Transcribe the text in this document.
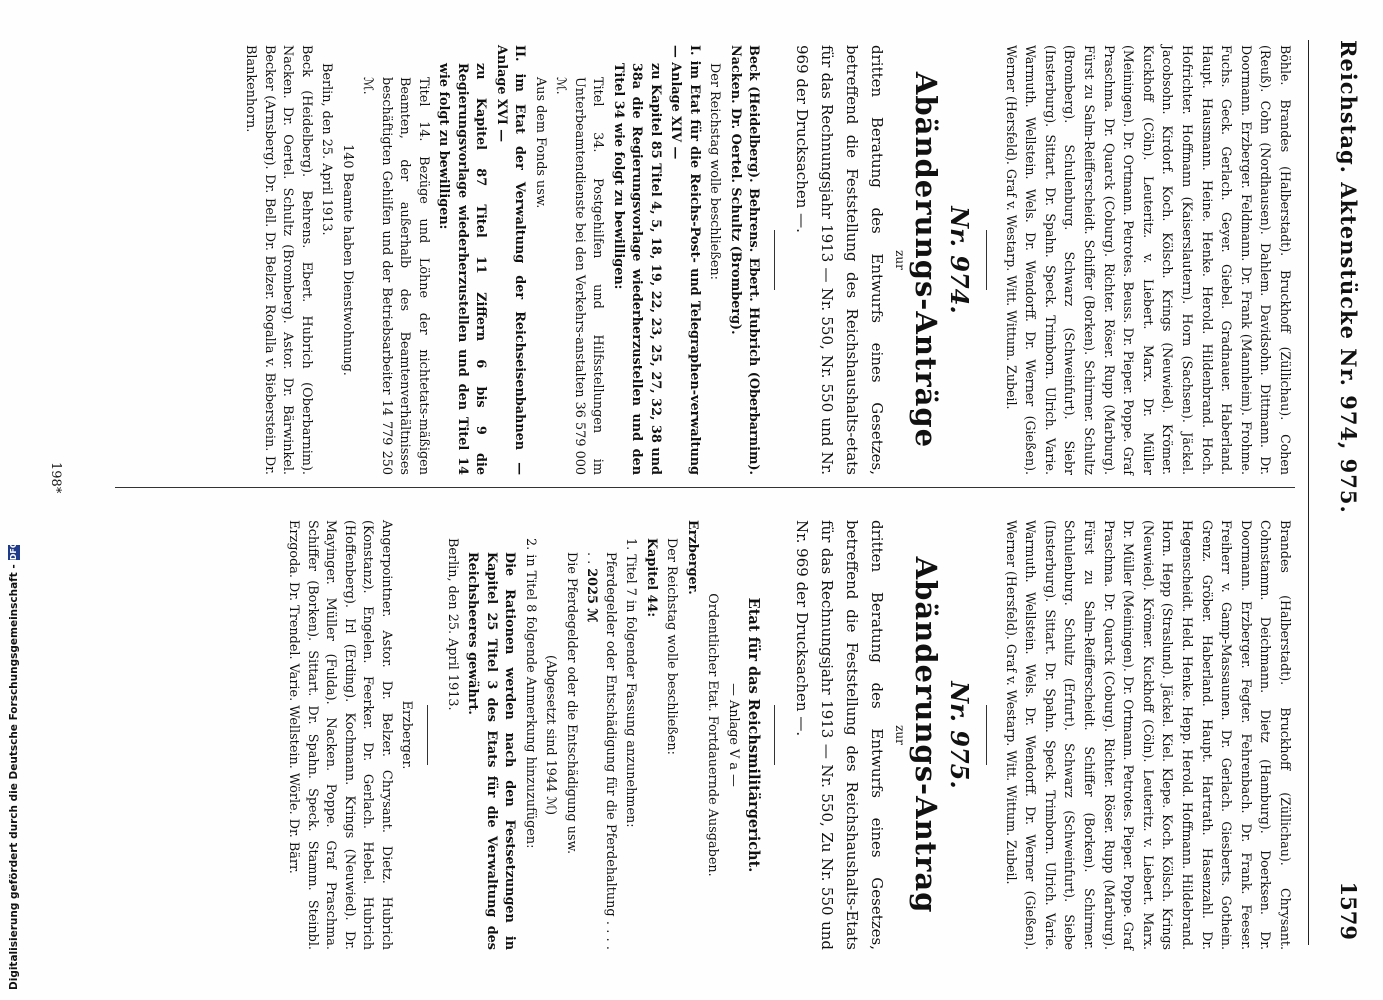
Reichstag. Aktenstücke Nr. 974, 975.
1579

Böhle. Brandes (Halberstadt). Bruckhoff (Züllichau). Cohen (Reuß). Cohn (Nordhausen). Dahlem. Davidsohn. Dittmann. Dr. Doormann. Erzberger. Feldmann. Dr. Frank (Mannheim). Frohme. Fuchs. Geck. Gerlach. Geyer. Giebel. Gradnauer. Haberland. Haupt. Hausmann. Heine. Henke. Herold. Hildenbrand. Hoch. Hofrichter. Hoffmann (Kaiserslautern). Horn (Sachsen). Jäckel. Jacobsohn. Kirdorf. Koch. Kölsch. Krings (Neuwied). Krömer. Kuckhoff (Cöln). Leuteritz. v. Liebert. Marx. Dr. Müller (Meiningen). Dr. Ortmann. Petrotes. Beuss. Dr. Pieper. Poppe. Graf Praschma. Dr. Quarck (Coburg). Richter. Röser. Rupp (Marburg). Fürst zu Salm-Reifferscheidt. Schiffer (Borken). Schirmer. Schultz (Bromberg). Schulenburg. Schwarz (Schweinfurt). Siebr (Insterburg). Sittart. Dr. Spahn. Speck. Trimborn. Ulrich. Varie. Warmuth. Wellstein. Wels. Dr. Wendorff. Dr. Werner (Gießen). Werner (Hersfeld). Graf v. Westarp. Witt. Wittum. Zubeil.

Nr. 974.
Abänderungs-Anträge
zur

dritten Beratung des Entwurfs eines Gesetzes, betreffend die Feststellung des Reichshaushalts-etats für das Rechnungsjahr 1913 — Nr. 550, Nr. 550 und Nr. 969 der Drucksachen —.

Beck (Heidelberg). Behrens. Ebert. Hubrich (Oberbarnim). Nacken. Dr. Oertel. Schultz (Bromberg).

Der Reichstag wolle beschließen:

I. im Etat für die Reichs-Post- und Telegraphen-verwaltung — Anlage XIV —

zu Kapitel 85 Titel 4, 5, 18, 19, 22, 23, 25, 27, 32, 38 und 38a die Regierungsvorlage wiederherzustellen und den Titel 34 wie folgt zu bewilligen:

Titel 34. Postgehilfen und Hilfsstellungen im Unterbeamtendienste bei den Verkehrs-anstalten 36 579 000 ℳ.

Aus dem Fonds usw.

II. im Etat der Verwaltung der Reichseisenbahnen — Anlage XVI —

zu Kapitel 87 Titel 11 Ziffern 6 bis 9 die Regierungsvorlage wiederherzustellen und den Titel 14 wie folgt zu bewilligen:

Titel 14. Bezüge und Löhne der nichtetats-mäßigen Beamten, der außerhalb des Beamtenverhältnisses beschäftigten Gehilfen und der Betriebsarbeiter 14 779 250 ℳ.

140 Beamte haben Dienstwohnung.

Berlin, den 25. April 1913.

Beck (Heidelberg). Behrens. Ebert. Hubrich (Oberbarnim). Nacken. Dr. Oertel. Schultz (Bromberg). Astor. Dr. Bärwinkel. Becker (Arnsberg). Dr. Bell. Dr. Belzer. Rogalla v. Bieberstein. Dr. Blankenhorn.

Brandes (Halberstadt). Bruckhoff (Züllichau). Chrysant. Cohnstamm. Deichmann. Dietz (Hamburg). Doerksen. Dr. Doormann. Erzberger. Fegter. Fehrenbach. Dr. Frank. Feeser. Freiherr v. Gamp-Massaunen. Dr. Gerlach. Giesberts. Gothein. Grenz. Gröber. Haberland. Haupt. Hartrath. Hasenzahl. Dr. Hegenscheidt. Held. Henke. Hepp. Herold. Hoffmann. Hildebrand. Horn. Hepp (Straslund). Jäckel. Kiel. Klepe. Koch. Kölsch. Krings (Neuwied). Krömer. Kuckhoff (Cöln). Leuteritz. v. Liebert. Marx. Dr. Müller (Meiningen). Dr. Ortmann. Petrotes. Pieper. Poppe. Graf Praschma. Dr. Quarck (Coburg). Richter. Röser. Rupp (Marburg). Fürst zu Salm-Reifferscheidt. Schiffer (Borken). Schirmer. Schulenburg. Schultz (Erfurt). Schwarz (Schweinfurt). Siebe (Insterburg). Sittart. Dr. Spahn. Speck. Trimborn. Ulrich. Varie. Warmuth. Wellstein. Wels. Dr. Wendorff. Dr. Werner (Gießen). Werner (Hersfeld). Graf v. Westarp. Witt. Wittum. Zubeil.

Nr. 975.
Abänderungs-Antrag
zur

dritten Beratung des Entwurfs eines Gesetzes, betreffend die Feststellung des Reichshaushalts-Etats für das Rechnungsjahr 1913 — Nr. 550, Zu Nr. 550 und Nr. 969 der Drucksachen —.

Etat für das Reichsmilitärgericht.

— Anlage V a —

Ordentlicher Etat. Fortdauernde Ausgaben.

Erzberger.

Der Reichstag wolle beschließen:

Kapitel 44:

1. Titel 7 in folgender Fassung anzunehmen:

Pferdegelder oder Entschädigung für die Pferdehaltung . . . . . . 2025 ℳ

Die Pferdegelder oder die Entschädigung usw.

(Abgesetzt sind 1944 ℳ)

2. in Titel 8 folgende Anmerkung hinzuzufügen:

Die Rationen werden nach den Festsetzungen in Kapitel 25 Titel 3 des Etats für die Verwaltung des Reichsheeres gewährt.

Berlin, den 25. April 1913.

Erzberger.

Angerpointner. Astor. Dr. Belzer. Chrysant. Dietz. Hubrich (Konstanz). Engelen. Feerker. Dr. Gerlach. Hebel. Hubrich (Hoffenberg). Irl (Erding). Kochmann. Krings (Neuwied). Dr. Mayinger. Müller (Fulda). Nacken. Poppe. Graf Praschma. Schiffer (Borken). Sittart. Dr. Spahn. Speck. Stamm. Steinbl. Erzgoda. Dr. Trendel. Varie. Wellstein. Wörle. Dr. Bärr.

198*
Digitalisierung gefördert durch die Deutsche Forschungsgemeinschaft -DFG
